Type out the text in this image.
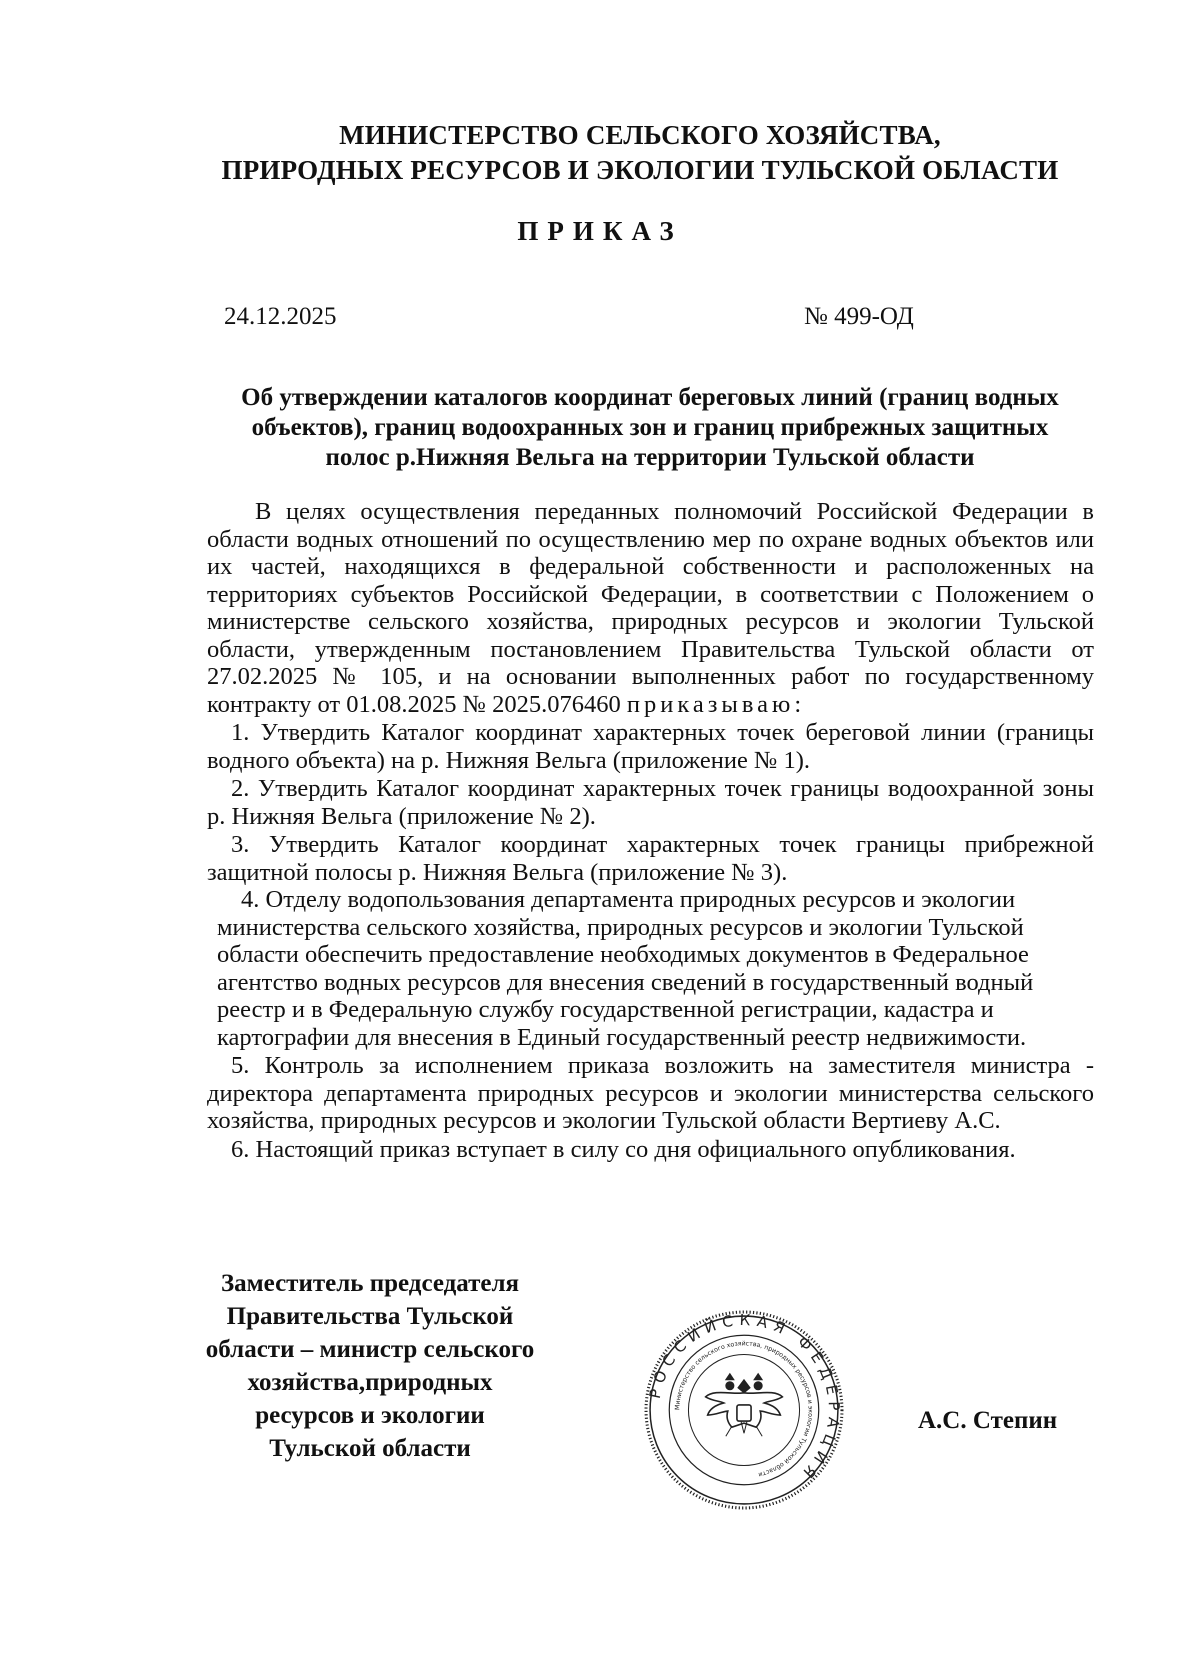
МИНИСТЕРСТВО СЕЛЬСКОГО ХОЗЯЙСТВА,
ПРИРОДНЫХ РЕСУРСОВ И ЭКОЛОГИИ ТУЛЬСКОЙ ОБЛАСТИ
ПРИКАЗ
24.12.2025	№ 499-ОД
Об утверждении каталогов координат береговых линий (границ водных
объектов), границ водоохранных зон и границ прибрежных защитных
полос р.Нижняя Вельга на территории Тульской области

В целях осуществления переданных полномочий Российской Федерации в области водных отношений по осуществлению мер по охране водных объектов или их частей, находящихся в федеральной собственности и расположенных на территориях субъектов Российской Федерации, в соответствии с Положением о министерстве сельского хозяйства, природных ресурсов и экологии Тульской области, утвержденным постановлением Правительства Тульской области от 27.02.2025 № 105, и на основании выполненных работ по государственному контракту от 01.08.2025 № 2025.076460 приказываю:

1. Утвердить Каталог координат характерных точек береговой линии (границы водного объекта) на р. Нижняя Вельга (приложение № 1).

2. Утвердить Каталог координат характерных точек границы водоохранной зоны р. Нижняя Вельга (приложение № 2).

3. Утвердить Каталог координат характерных точек границы прибрежной защитной полосы р. Нижняя Вельга (приложение № 3).

4. Отделу водопользования департамента природных ресурсов и экологии министерства сельского хозяйства, природных ресурсов и экологии Тульской области обеспечить предоставление необходимых документов в Федеральное агентство водных ресурсов для внесения сведений в государственный водный реестр и в Федеральную службу государственной регистрации, кадастра и картографии для внесения в Единый государственный реестр недвижимости.

5. Контроль за исполнением приказа возложить на заместителя министра - директора департамента природных ресурсов и экологии министерства сельского хозяйства, природных ресурсов и экологии Тульской области Вертиеву А.С.

6. Настоящий приказ вступает в силу со дня официального опубликования.

Заместитель председателя
Правительства Тульской
области – министр сельского
хозяйства,природных
ресурсов и экологии
Тульской области
РОССИЙСКАЯ ФЕДЕРАЦИЯ
Министерство сельского хозяйства, природных ресурсов и экологии Тульской области
А.С. Степин
